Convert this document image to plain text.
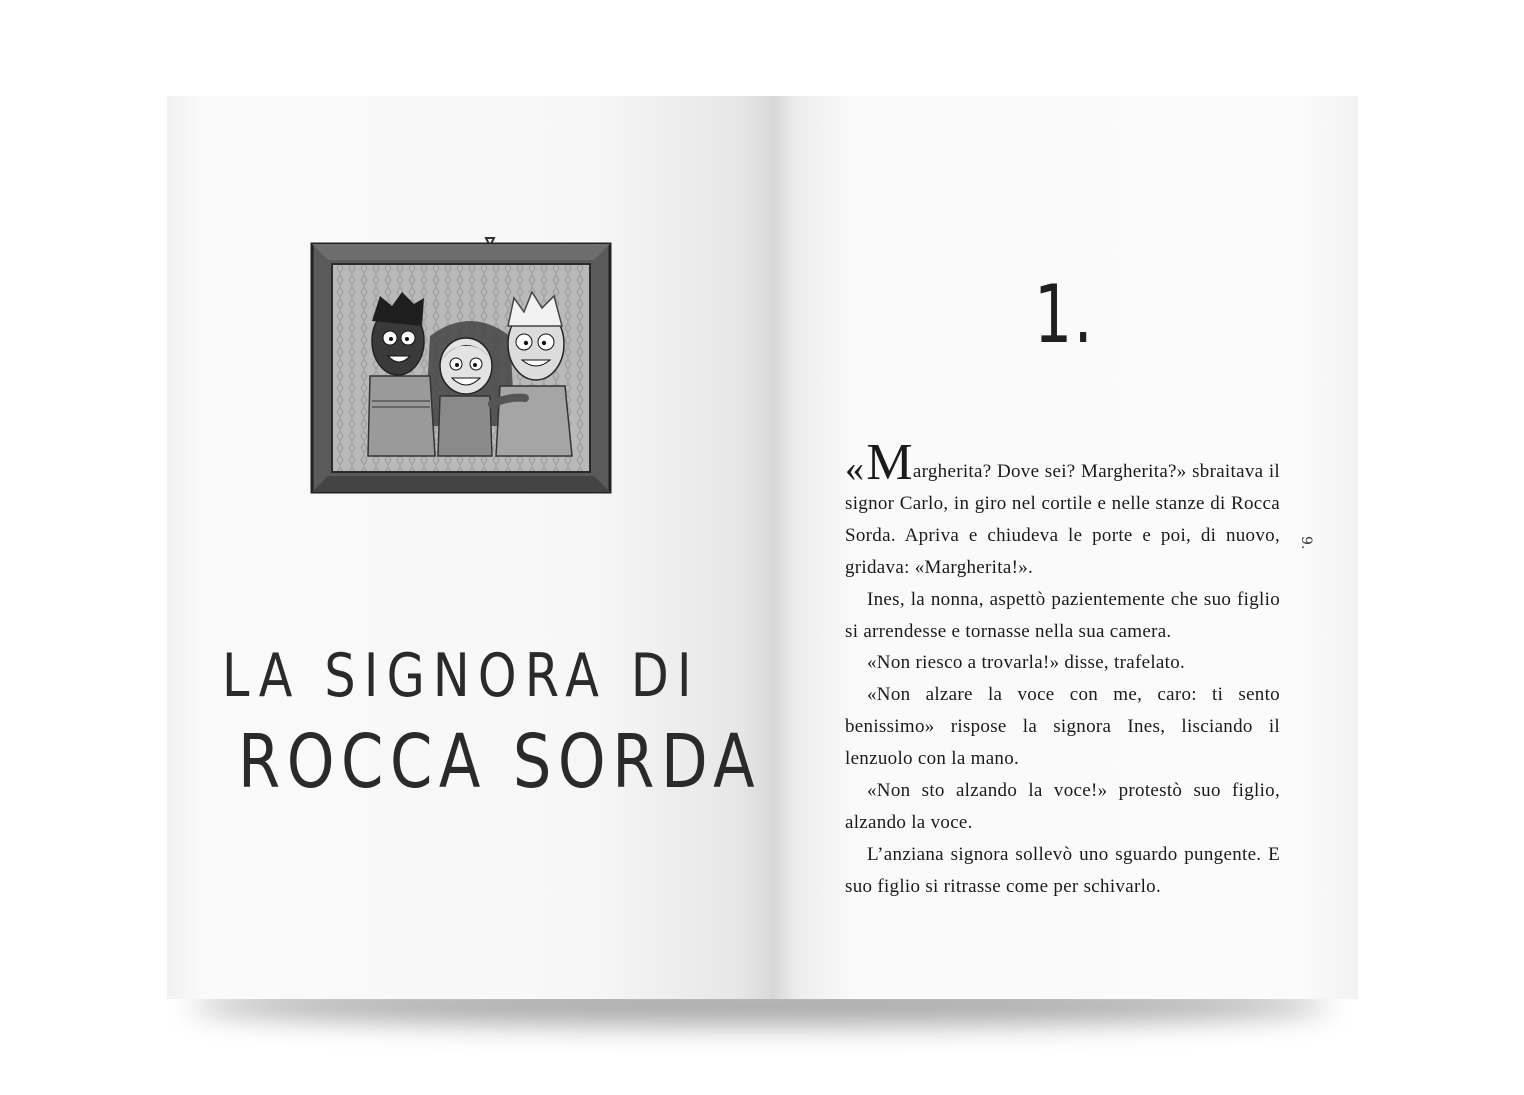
LA SIGNORA DI
ROCCA SORDA
1.
9.

«Margherita? Dove sei? Margherita?» sbraitava il signor Carlo, in giro nel cortile e nelle stanze di Rocca Sorda. Apriva e chiudeva le porte e poi, di nuovo, gridava: «Margherita!».

Ines, la nonna, aspettò pazientemente che suo figlio si arrendesse e tornasse nella sua camera.

«Non riesco a trovarla!» disse, trafelato.

«Non alzare la voce con me, caro: ti sento benissimo» rispose la signora Ines, lisciando il lenzuolo con la mano.

«Non sto alzando la voce!» protestò suo figlio, alzando la voce.

L’anziana signora sollevò uno sguardo pungente. E suo figlio si ritrasse come per schivarlo.
